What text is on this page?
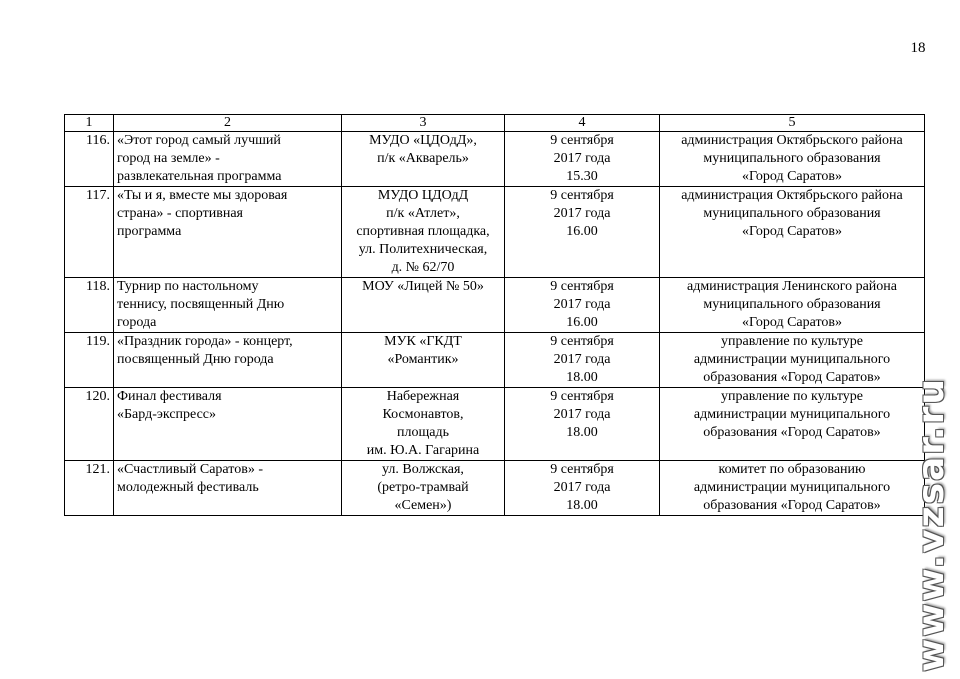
18
1	2	3	4	5
116.	«Этот город самый лучший
город на земле» -
развлекательная программа	МУДО «ЦДОдД»,
п/к «Акварель»	9 сентября
2017 года
15.30	администрация Октябрьского района
муниципального образования
«Город Саратов»

117.	«Ты и я, вместе мы здоровая
страна» - спортивная
программа	МУДО ЦДОдД
п/к «Атлет»,
спортивная площадка,
ул. Политехническая,
д. № 62/70	9 сентября
2017 года
16.00	администрация Октябрьского района
муниципального образования
«Город Саратов»

118.	Турнир по настольному
теннису, посвященный Дню
города	МОУ «Лицей № 50»	9 сентября
2017 года
16.00	администрация Ленинского района
муниципального образования
«Город Саратов»

119.	«Праздник города» - концерт,
посвященный Дню города	МУК «ГКДТ
«Романтик»	9 сентября
2017 года
18.00	управление по культуре
администрации муниципального
образования «Город Саратов»

120.	Финал фестиваля
«Бард-экспресс»	Набережная
Космонавтов,
площадь
им. Ю.А. Гагарина	9 сентября
2017 года
18.00	управление по культуре
администрации муниципального
образования «Город Саратов»

121.	«Счастливый Саратов» -
молодежный фестиваль	ул. Волжская,
(ретро-трамвай
«Семен»)	9 сентября
2017 года
18.00	комитет по образованию
администрации муниципального
образования «Город Саратов» www.vzsar.ru
